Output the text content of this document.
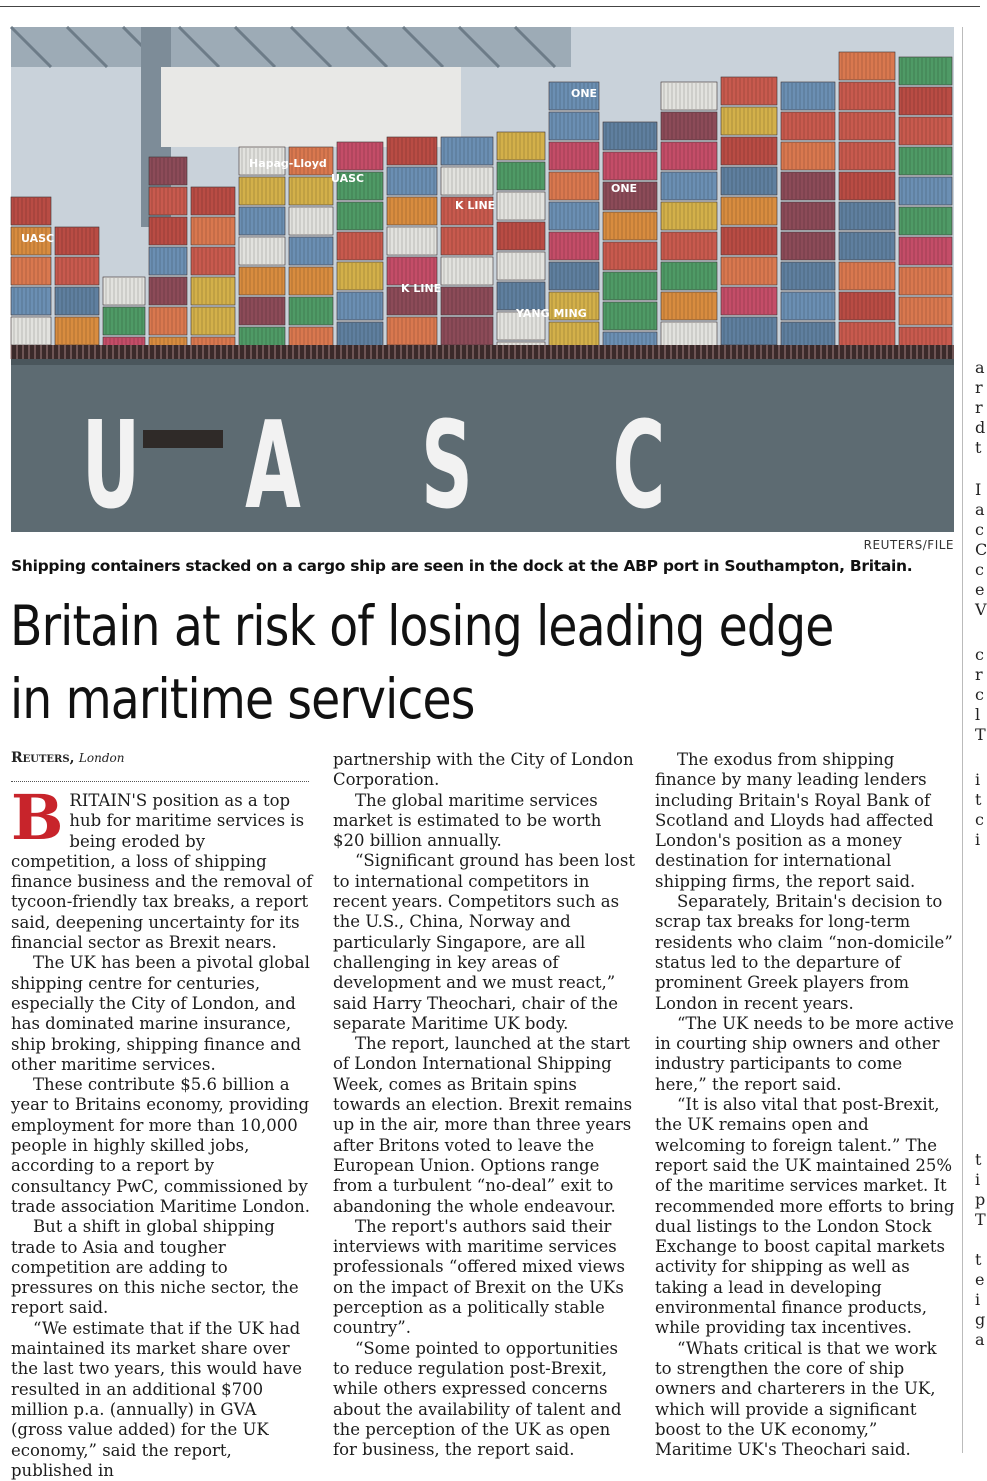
ONE
UASC
K LINE
Hapag-Lloyd
YANG MING
ONE
UASC
K LINE
U A S C
REUTERS/FILE
Shipping containers stacked on a cargo ship are seen in the dock at the ABP port in Southampton, Britain.
Britain at risk of losing leading edge
in maritime services
Reuters, London

BRITAIN'S position as a top hub for maritime services is being eroded by competition, a loss of shipping finance business and the removal of tycoon-friendly tax breaks, a report said, deepening uncertainty for its financial sector as Brexit nears.

The UK has been a pivotal global shipping centre for centuries, especially the City of London, and has dominated marine insurance, ship broking, shipping finance and other maritime services.

These contribute $5.6 billion a year to Britains economy, providing employment for more than 10,000 people in highly skilled jobs, according to a report by consultancy PwC, commissioned by trade association Maritime London.

But a shift in global shipping trade to Asia and tougher competition are adding to pressures on this niche sector, the report said.

“We estimate that if the UK had maintained its market share over the last two years, this would have resulted in an additional $700 million p.a. (annually) in GVA (gross value added) for the UK economy,” said the report, published in

partnership with the City of London Corporation.

The global maritime services market is estimated to be worth $20 billion annually.

“Significant ground has been lost to international competitors in recent years. Competitors such as the U.S., China, Norway and particularly Singapore, are all challenging in key areas of development and we must react,” said Harry Theochari, chair of the separate Maritime UK body.

The report, launched at the start of London International Shipping Week, comes as Britain spins towards an election. Brexit remains up in the air, more than three years after Britons voted to leave the European Union. Options range from a turbulent “no-deal” exit to abandoning the whole endeavour.

The report's authors said their interviews with maritime services professionals “offered mixed views on the impact of Brexit on the UKs perception as a politically stable country”.

“Some pointed to opportunities to reduce regulation post-Brexit, while others expressed concerns about the availability of talent and the perception of the UK as open for business, the report said.

The exodus from shipping finance by many leading lenders including Britain's Royal Bank of Scotland and Lloyds had affected London's position as a money destination for international shipping firms, the report said.

Separately, Britain's decision to scrap tax breaks for long-term residents who claim “non-domicile” status led to the departure of prominent Greek players from London in recent years.

“The UK needs to be more active in courting ship owners and other industry participants to come here,” the report said.

“It is also vital that post-Brexit, the UK remains open and welcoming to foreign talent.” The report said the UK maintained 25% of the maritime services market. It recommended more efforts to bring dual listings to the London Stock Exchange to boost capital markets activity for shipping as well as taking a lead in developing environmental finance products, while providing tax incentives.

“Whats critical is that we work to strengthen the core of ship owners and charterers in the UK, which will provide a significant boost to the UK economy,” Maritime UK's Theochari said.

a
r
r
d
t
I
a
c
C
c
e
V
c
r
c
l
T
i
t
c
i
t
i
p
T
t
e
i
g
a
